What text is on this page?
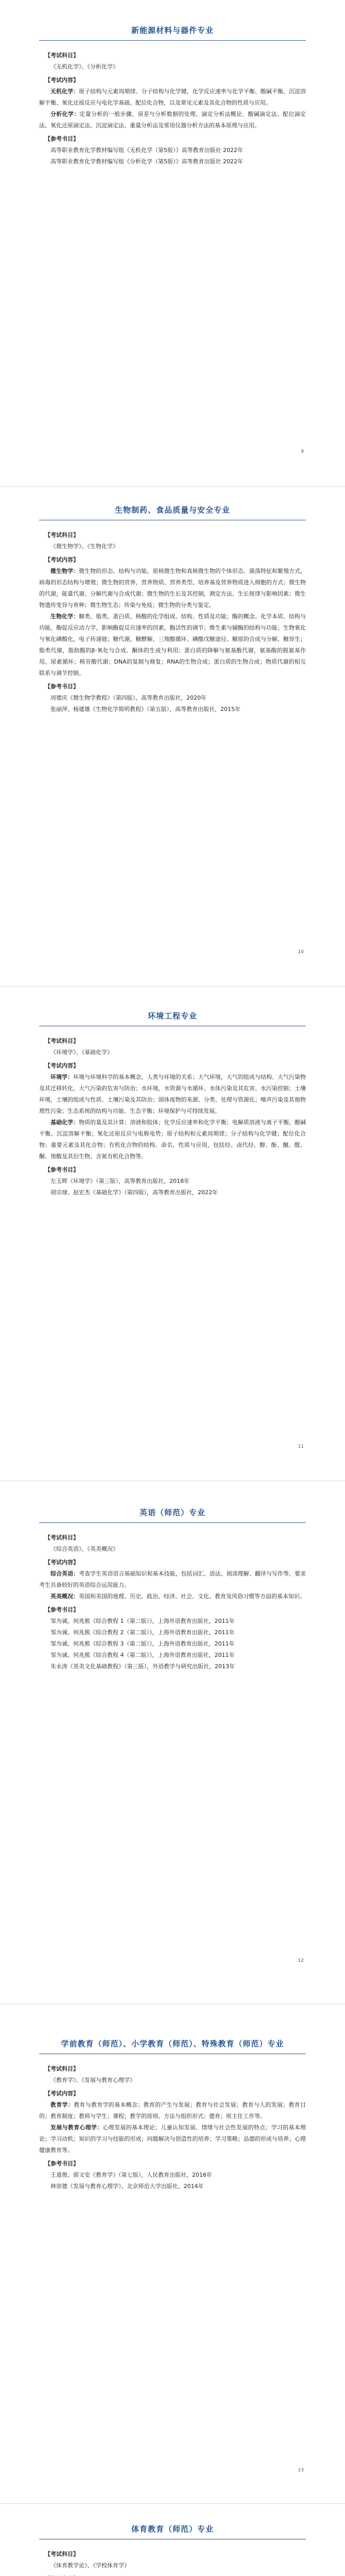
新能源材料与器件专业

【考试科目】

《无机化学》、《分析化学》

【考试内容】

无机化学：原子结构与元素周期律、分子结构与化学键、化学反应速率与化学平衡、酸碱平衡、沉淀溶解平衡、氧化还原反应与电化学基础、配位化合物，以及常见元素及其化合物的性质与应用。

分析化学：定量分析的一般步骤、误差与分析数据的处理、滴定分析法概论、酸碱滴定法、配位滴定法、氧化还原滴定法、沉淀滴定法、重量分析法及常用仪器分析方法的基本原理与应用。

【参考书目】

高等职业教育化学教材编写组《无机化学（第5版）》高等教育出版社 2022年

高等职业教育化学教材编写组《分析化学（第5版）》高等教育出版社 2022年

9
生物制药、食品质量与安全专业

【考试科目】

《微生物学》、《生物化学》

【考试内容】

微生物学：微生物的形态、结构与功能，原核微生物和真核微生物的个体形态、菌落特征和繁殖方式，病毒的形态结构与增殖；微生物的营养，营养物质、营养类型、培养基及营养物质进入细胞的方式；微生物的代谢，能量代谢、分解代谢与合成代谢；微生物的生长及其控制，测定方法、生长规律与影响因素；微生物遗传变异与育种；微生物生态；传染与免疫；微生物的分类与鉴定。

生物化学：糖类、脂类、蛋白质、核酸的化学组成、结构、性质及功能；酶的概念、化学本质、结构与功能，酶促反应动力学，影响酶促反应速率的因素，酶活性的调节；维生素与辅酶的结构与功能；生物氧化与氧化磷酸化，电子传递链；糖代谢，糖酵解、三羧酸循环、磷酸戊糖途径、糖原的合成与分解、糖异生；脂类代谢，脂肪酸的β-氧化与合成、酮体的生成与利用；蛋白质的降解与氨基酸代谢，氨基酸的脱氨基作用、尿素循环；核苷酸代谢；DNA的复制与修复；RNA的生物合成；蛋白质的生物合成；物质代谢的相互联系与调节控制。

【参考书目】

周德庆《微生物学教程》（第四版），高等教育出版社，2020年

张丽萍、杨建雄《生物化学简明教程》（第五版），高等教育出版社，2015年

10
环境工程专业

【考试科目】

《环境学》、《基础化学》

【考试内容】

环境学：环境与环境科学的基本概念，人类与环境的关系；大气环境，大气的组成与结构、大气污染物及其迁移转化、大气污染的危害与防治；水环境，水资源与水循环、水体污染及其危害、水污染控制；土壤环境，土壤的组成与性质、土壤污染及其防治；固体废物的来源、分类、处理与资源化；噪声污染及其他物理性污染；生态系统的结构与功能、生态平衡；环境保护与可持续发展。

基础化学：物质的量及其计算；溶液和胶体；化学反应速率和化学平衡；电解质溶液与离子平衡，酸碱平衡、沉淀溶解平衡；氧化还原反应与电极电势；原子结构和元素周期律；分子结构与化学键；配位化合物；重要元素及其化合物；有机化合物的结构、命名、性质与应用，包括烃、卤代烃、醇、酚、醚、醛、酮、羧酸及其衍生物、含氮有机化合物等。

【参考书目】

左玉辉《环境学》（第三版），高等教育出版社，2018年

胡宗球、赵宏杰《基础化学》（第四版），高等教育出版社，2022年

11
英语（师范）专业

【考试科目】

《综合英语》、《英美概况》

【考试内容】

综合英语：考查学生英语语言基础知识和基本技能，包括词汇、语法、阅读理解、翻译与写作等，要求考生具备较好的英语综合运用能力。

英美概况：英国和美国的地理、历史、政治、经济、社会、文化、教育及风俗习惯等方面的基本知识。

【参考书目】

邹为诚、何兆熊《综合教程 1（第二版）》，上海外语教育出版社，2011年

邹为诚、何兆熊《综合教程 2（第二版）》，上海外语教育出版社，2011年

邹为诚、何兆熊《综合教程 3（第二版）》，上海外语教育出版社，2011年

邹为诚、何兆熊《综合教程 4（第二版）》，上海外语教育出版社，2011年

朱永涛《英美文化基础教程》（第三版），外语教学与研究出版社，2013年

12
学前教育（师范）、小学教育（师范）、特殊教育（师范）专业

【考试科目】

《教育学》、《发展与教育心理学》

【考试内容】

教育学：教育与教育学的基本概念；教育的产生与发展；教育与社会发展；教育与人的发展；教育目的；教育制度；教师与学生；课程；教学的原则、方法与组织形式；德育；班主任工作等。

发展与教育心理学：心理发展的基本理论；儿童认知发展、情绪与社会性发展的特点；学习的基本理论；学习动机；知识的学习与技能的形成；问题解决与创造性的培养；学习策略；品德的形成与培养；心理健康教育等。

【参考书目】

王道俊、郭文安《教育学》（第七版），人民教育出版社，2016年

林崇德《发展与教育心理学》，北京师范大学出版社，2014年

13
体育教育（师范）专业

【考试科目】

《体育教学论》、《学校体育学》
